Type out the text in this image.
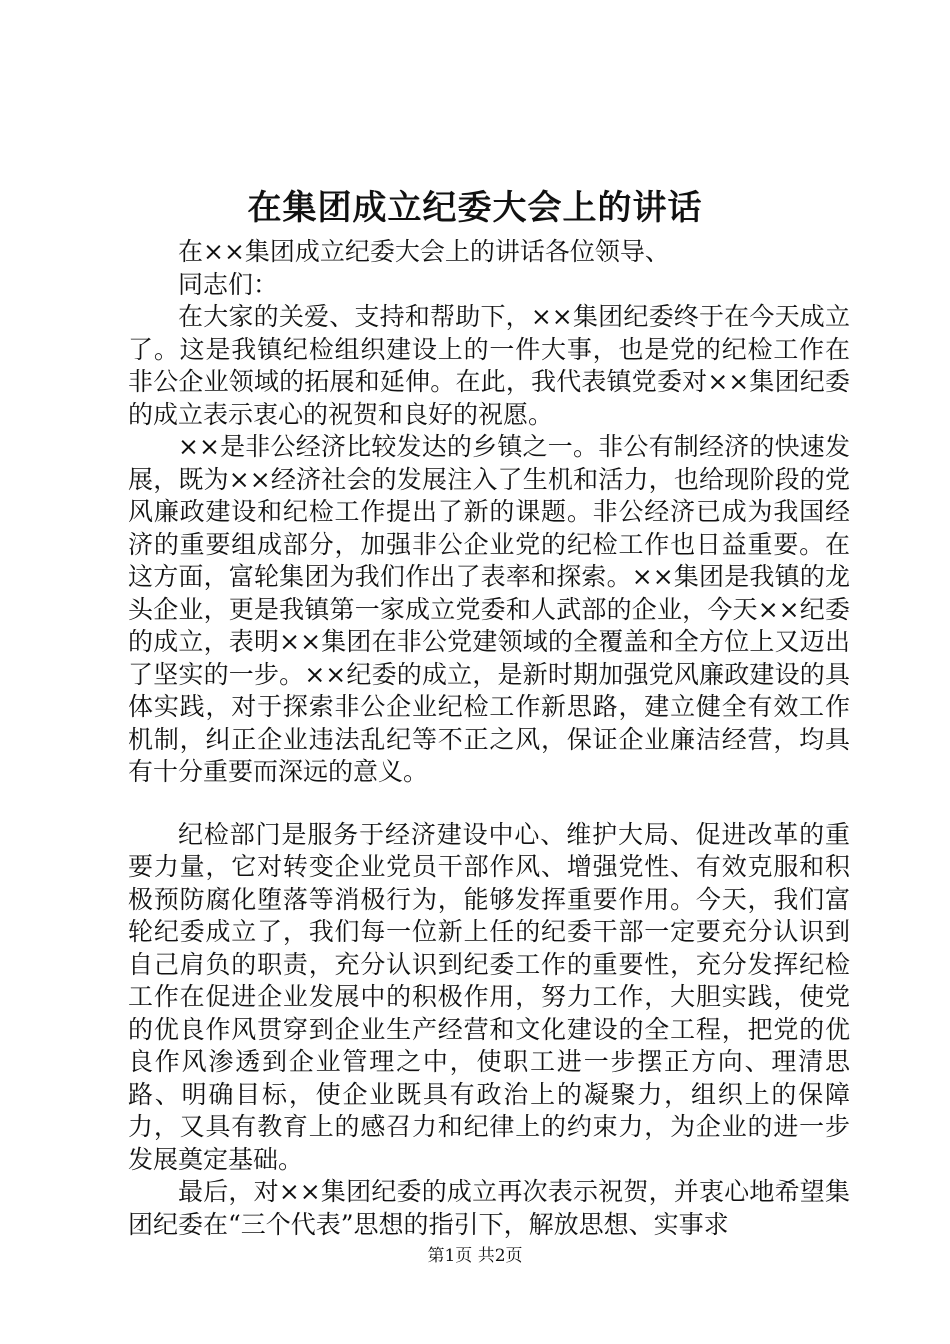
在集团成立纪委大会上的讲话

在××集团成立纪委大会上的讲话各位领导、

同志们：

在大家的关爱、支持和帮助下，××集团纪委终于在今天成立了。这是我镇纪检组织建设上的一件大事，也是党的纪检工作在非公企业领域的拓展和延伸。在此，我代表镇党委对××集团纪委的成立表示衷心的祝贺和良好的祝愿。

××是非公经济比较发达的乡镇之一。非公有制经济的快速发展，既为××经济社会的发展注入了生机和活力，也给现阶段的党风廉政建设和纪检工作提出了新的课题。非公经济已成为我国经济的重要组成部分，加强非公企业党的纪检工作也日益重要。在这方面，富轮集团为我们作出了表率和探索。××集团是我镇的龙头企业，更是我镇第一家成立党委和人武部的企业，今天××纪委的成立，表明××集团在非公党建领域的全覆盖和全方位上又迈出了坚实的一步。××纪委的成立，是新时期加强党风廉政建设的具体实践，对于探索非公企业纪检工作新思路，建立健全有效工作机制，纠正企业违法乱纪等不正之风，保证企业廉洁经营，均具有十分重要而深远的意义。

纪检部门是服务于经济建设中心、维护大局、促进改革的重要力量，它对转变企业党员干部作风、增强党性、有效克服和积极预防腐化堕落等消极行为，能够发挥重要作用。今天，我们富轮纪委成立了，我们每一位新上任的纪委干部一定要充分认识到自己肩负的职责，充分认识到纪委工作的重要性，充分发挥纪检工作在促进企业发展中的积极作用，努力工作，大胆实践，使党的优良作风贯穿到企业生产经营和文化建设的全工程，把党的优良作风渗透到企业管理之中，使职工进一步摆正方向、理清思路、明确目标，使企业既具有政治上的凝聚力，组织上的保障力，又具有教育上的感召力和纪律上的约束力，为企业的进一步发展奠定基础。

最后，对××集团纪委的成立再次表示祝贺，并衷心地希望集团纪委在“三个代表”思想的指引下，解放思想、实事求

第1页 共2页
